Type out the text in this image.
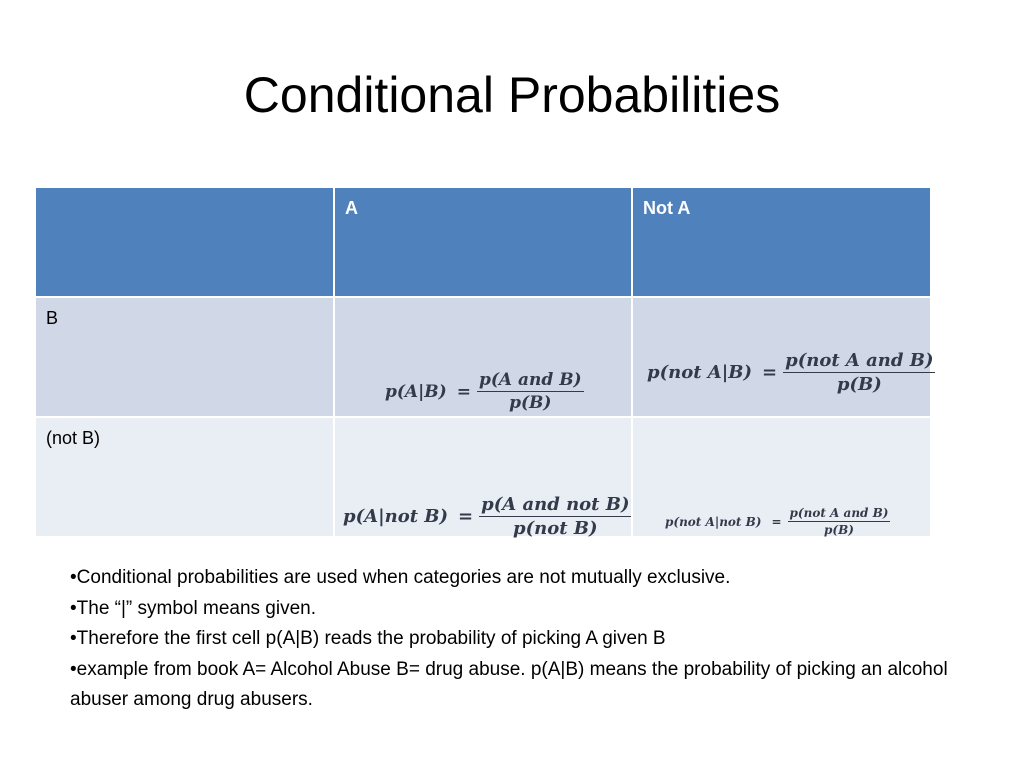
Conditional Probabilities

	A	Not A

B	$p(A|B) = \frac{\text{p(A and B)}}{p(B)}$	p(not $A|B) = \frac{\text{p(not A and B)}}{p(B)}$

(not B)	p(A|not $B) = \frac{\text{p(A and not B)}}{\text{p(not B)}}$	p(not A|not $B) = \frac{\text{p(not A and B)}}{p(B)}$
•Conditional probabilities are used when categories are not mutually exclusive.
•The “|” symbol means given.
•Therefore the first cell p(A|B) reads the probability of picking A given B
•example from book A= Alcohol Abuse B= drug abuse. p(A|B) means the probability of picking an alcohol abuser among drug abusers.
